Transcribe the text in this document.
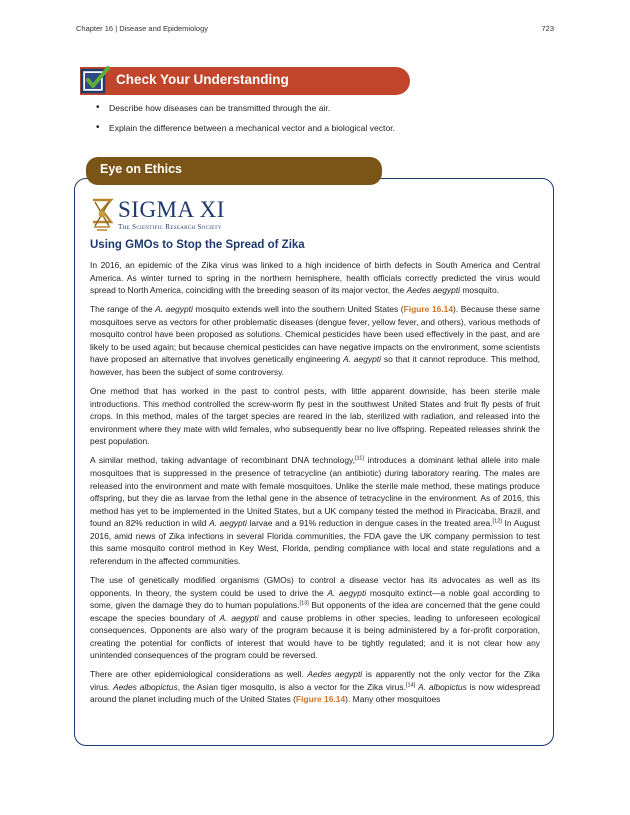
Chapter 16 | Disease and Epidemiology	723
Check Your Understanding
• Describe how diseases can be transmitted through the air.
• Explain the difference between a mechanical vector and a biological vector.
Eye on Ethics
SIGMA XI
The Scientific Research Society
Using GMOs to Stop the Spread of Zika

In 2016, an epidemic of the Zika virus was linked to a high incidence of birth defects in South America and Central America. As winter turned to spring in the northern hemisphere, health officials correctly predicted the virus would spread to North America, coinciding with the breeding season of its major vector, the Aedes aegypti mosquito.

The range of the A. aegypti mosquito extends well into the southern United States (Figure 16.14). Because these same mosquitoes serve as vectors for other problematic diseases (dengue fever, yellow fever, and others), various methods of mosquito control have been proposed as solutions. Chemical pesticides have been used effectively in the past, and are likely to be used again; but because chemical pesticides can have negative impacts on the environment, some scientists have proposed an alternative that involves genetically engineering A. aegypti so that it cannot reproduce. This method, however, has been the subject of some controversy.

One method that has worked in the past to control pests, with little apparent downside, has been sterile male introductions. This method controlled the screw-worm fly pest in the southwest United States and fruit fly pests of fruit crops. In this method, males of the target species are reared in the lab, sterilized with radiation, and released into the environment where they mate with wild females, who subsequently bear no live offspring. Repeated releases shrink the pest population.

A similar method, taking advantage of recombinant DNA technology,[11] introduces a dominant lethal allele into male mosquitoes that is suppressed in the presence of tetracycline (an antibiotic) during laboratory rearing. The males are released into the environment and mate with female mosquitoes. Unlike the sterile male method, these matings produce offspring, but they die as larvae from the lethal gene in the absence of tetracycline in the environment. As of 2016, this method has yet to be implemented in the United States, but a UK company tested the method in Piracicaba, Brazil, and found an 82% reduction in wild A. aegypti larvae and a 91% reduction in dengue cases in the treated area.[12] In August 2016, amid news of Zika infections in several Florida communities, the FDA gave the UK company permission to test this same mosquito control method in Key West, Florida, pending compliance with local and state regulations and a referendum in the affected communities.

The use of genetically modified organisms (GMOs) to control a disease vector has its advocates as well as its opponents. In theory, the system could be used to drive the A. aegypti mosquito extinct—a noble goal according to some, given the damage they do to human populations.[13] But opponents of the idea are concerned that the gene could escape the species boundary of A. aegypti and cause problems in other species, leading to unforeseen ecological consequences. Opponents are also wary of the program because it is being administered by a for-profit corporation, creating the potential for conflicts of interest that would have to be tightly regulated; and it is not clear how any unintended consequences of the program could be reversed.

There are other epidemiological considerations as well. Aedes aegypti is apparently not the only vector for the Zika virus. Aedes albopictus, the Asian tiger mosquito, is also a vector for the Zika virus.[14] A. albopictus is now widespread around the planet including much of the United States (Figure 16.14). Many other mosquitoes
